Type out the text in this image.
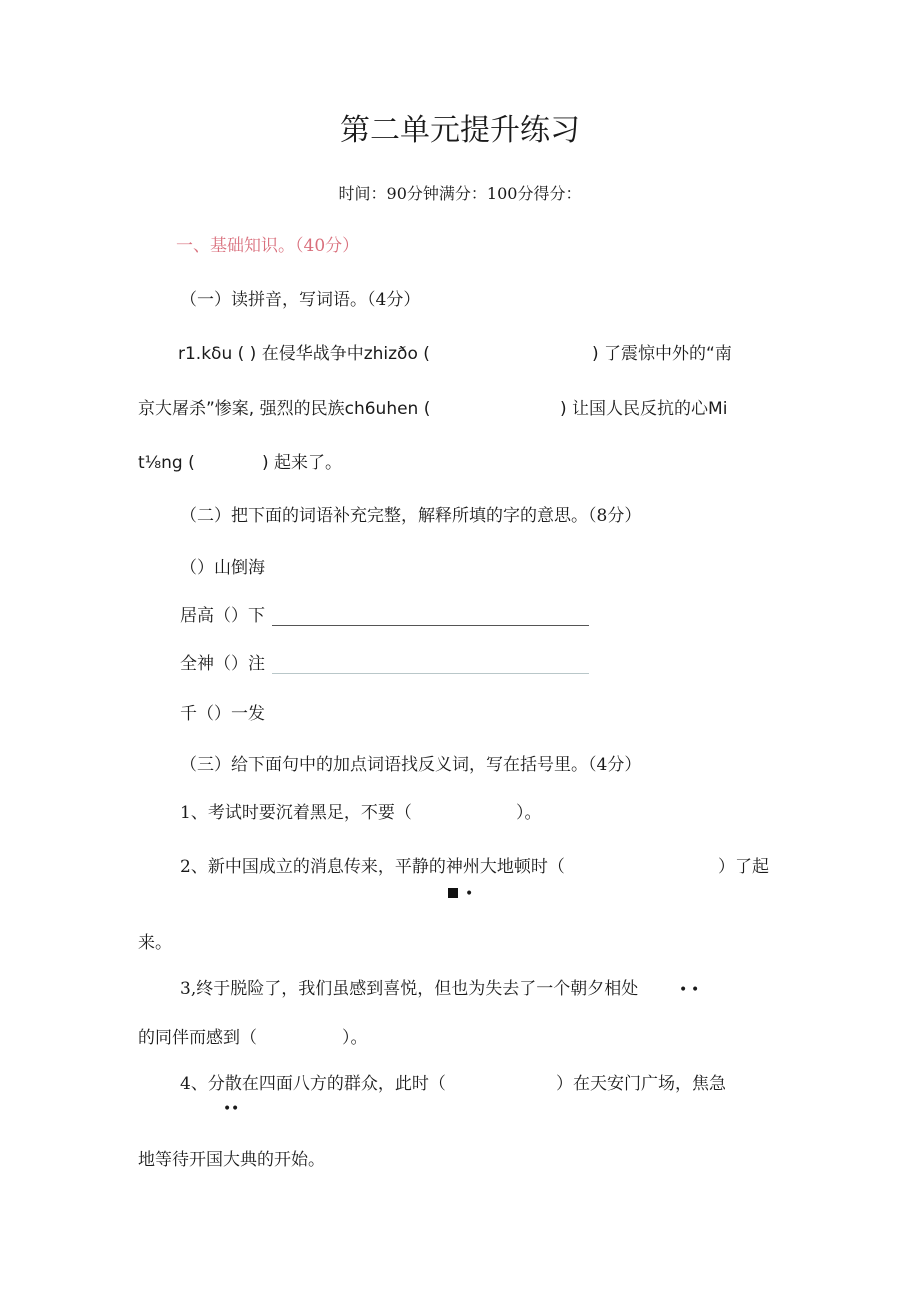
第二单元提升练习
时间：90分钟满分：100分得分：
一、基础知识。（40分）
（一）读拼音，写词语。（4分）
r1.kδu ( ) 在侵华战争中zhizðo (	) 了震惊中外的“南
京大屠杀”惨案, 强烈的民族ch6uhen (	) 让国人民反抗的心Mi
t⅛ng (	) 起来了。
（二）把下面的词语补充完整，解释所填的字的意思。（8分）
（）山倒海
居高（）下
全神（）注
千（）一发
（三）给下面句中的加点词语找反义词，写在括号里。（4分）
1、考试时要沉着黑足，不要（	）。
2、新中国成立的消息传来，平静的神州大地顿时（	）了起
•
来。
3,终于脱险了，我们虽感到喜悦，但也为失去了一个朝夕相处	• •
的同伴而感到（	）。
4、分散在四面八方的群众，此时（	）在天安门广场，焦急
• •
地等待开国大典的开始。
